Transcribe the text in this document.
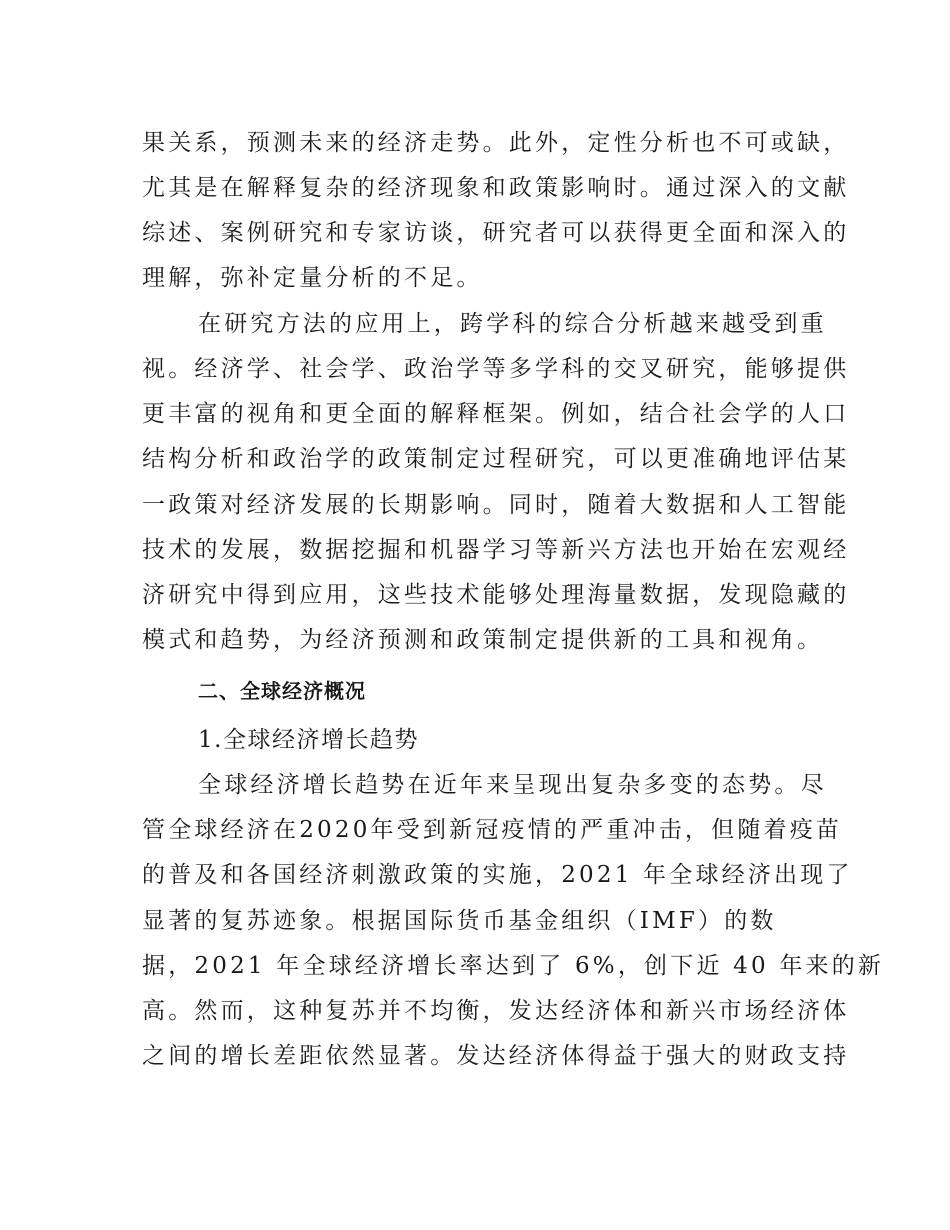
果关系，预测未来的经济走势。此外，定性分析也不可或缺，
尤其是在解释复杂的经济现象和政策影响时。通过深入的文献
综述、案例研究和专家访谈，研究者可以获得更全面和深入的
理解，弥补定量分析的不足。
在研究方法的应用上，跨学科的综合分析越来越受到重
视。经济学、社会学、政治学等多学科的交叉研究，能够提供
更丰富的视角和更全面的解释框架。例如，结合社会学的人口
结构分析和政治学的政策制定过程研究，可以更准确地评估某
一政策对经济发展的长期影响。同时，随着大数据和人工智能
技术的发展，数据挖掘和机器学习等新兴方法也开始在宏观经
济研究中得到应用，这些技术能够处理海量数据，发现隐藏的
模式和趋势，为经济预测和政策制定提供新的工具和视角。
二、全球经济概况
1.全球经济增长趋势
全球经济增长趋势在近年来呈现出复杂多变的态势。尽
管全球经济在2020年受到新冠疫情的严重冲击，但随着疫苗
的普及和各国经济刺激政策的实施，2021 年全球经济出现了
显著的复苏迹象。根据国际货币基金组织（IMF）的数
据，2021 年全球经济增长率达到了 6%，创下近 40 年来的新
高。然而，这种复苏并不均衡，发达经济体和新兴市场经济体
之间的增长差距依然显著。发达经济体得益于强大的财政支持
